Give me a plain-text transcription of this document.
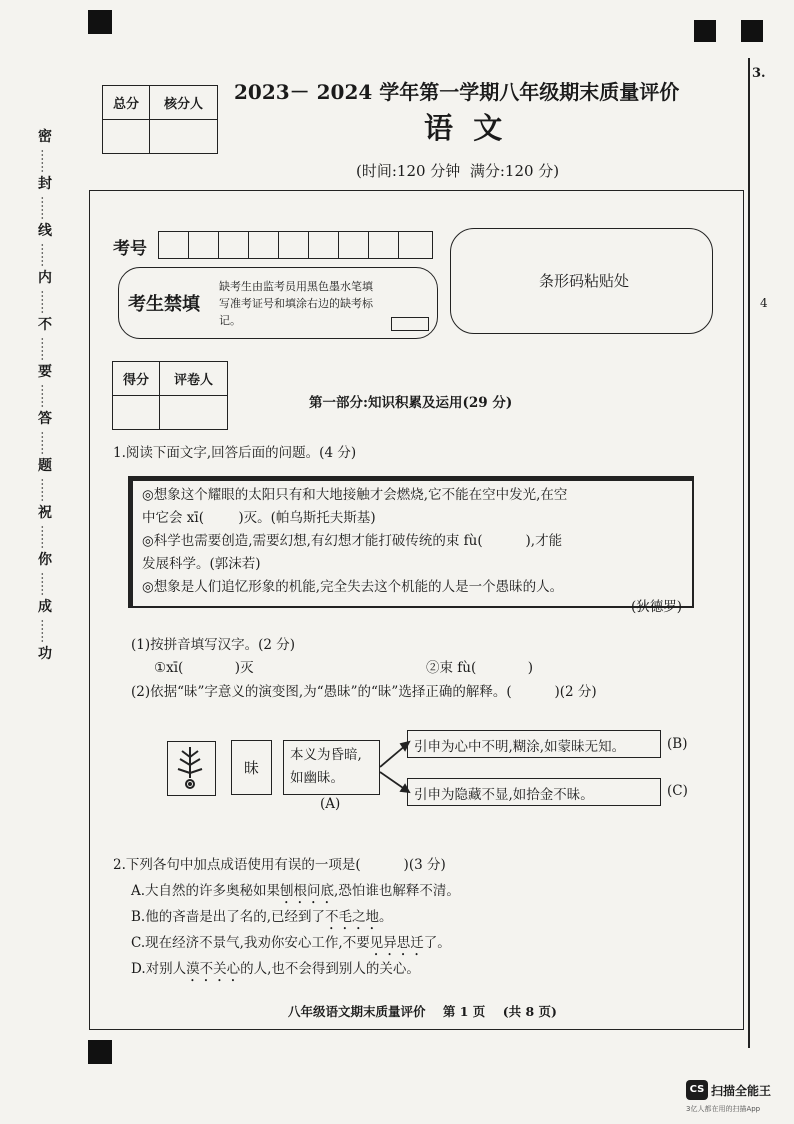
3.
4
密
……
封
……
线
……
内
……
不
……
要
……
答
……
题
……
祝
……
你
……
成
……
功
总分	核分人

2023－ 2024 学年第一学期八年级期末质量评价
语  文
(时间:120 分钟  满分:120 分)
考号
考生禁填
缺考生由监考员用黑色墨水笔填写准考证号和填涂右边的缺考标记。
条形码粘贴处
得分	评卷人

第一部分:知识积累及运用(29 分)
1.阅读下面文字,回答后面的问题。(4 分)
◎想象这个耀眼的太阳只有和大地接触才会燃烧,它不能在空中发光,在空
中它会 xī(        )灭。(帕乌斯托夫斯基)
◎科学也需要创造,需要幻想,有幻想才能打破传统的束 fù(          ),才能
发展科学。(郭沫若)
◎想象是人们追忆形象的机能,完全失去这个机能的人是一个愚昧的人。
(狄德罗)
(1)按拼音填写汉字。(2 分)
①xī(            )灭	②束 fù(            )
(2)依据“昧”字意义的演变图,为“愚昧”的“昧”选择正确的解释。(          )(2 分)
昧
本义为昏暗,如幽昧。
(A)
引申为心中不明,糊涂,如蒙昧无知。	(B)
引申为隐藏不显,如拾金不昧。	(C)
2.下列各句中加点成语使用有误的一项是(          )(3 分)
A.大自然的许多奥秘如果刨根问底,恐怕谁也解释不清。
B.他的吝啬是出了名的,已经到了不毛之地。
C.现在经济不景气,我劝你安心工作,不要见异思迁了。
D.对别人漠不关心的人,也不会得到别人的关心。
八年级语文期末质量评价    第 1 页    (共 8 页)
CS 扫描全能王
3亿人都在用的扫描App
